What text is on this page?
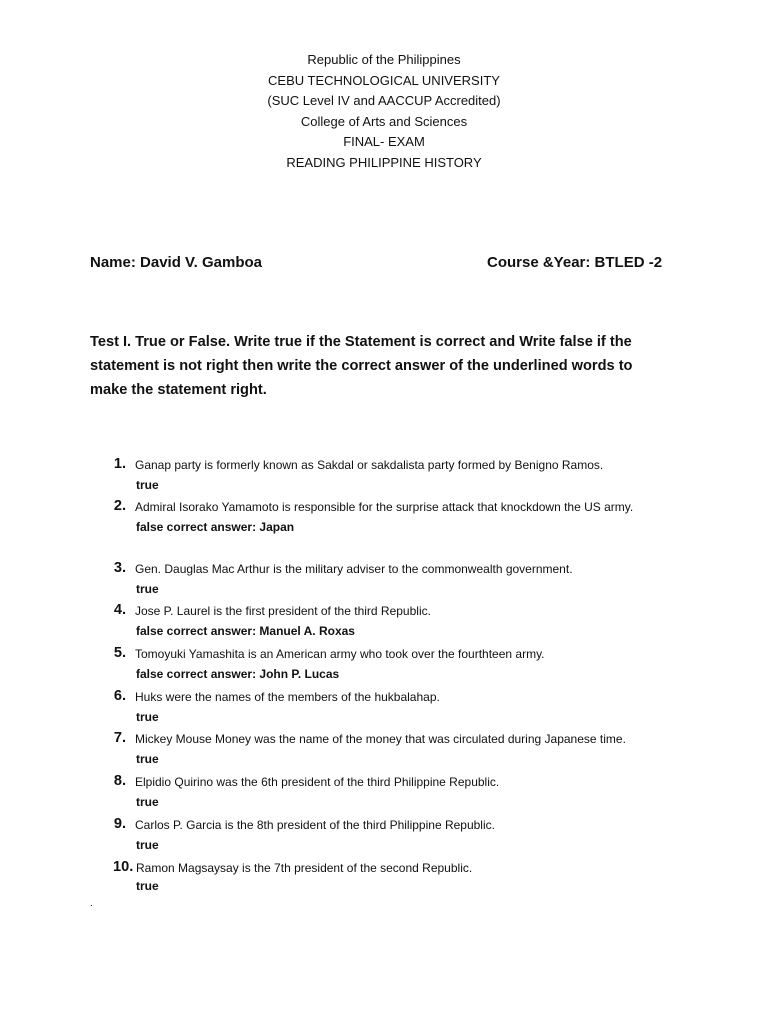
Republic of the Philippines
CEBU TECHNOLOGICAL UNIVERSITY
(SUC Level IV and AACCUP Accredited)
College of Arts and Sciences
FINAL- EXAM
READING PHILIPPINE HISTORY
Name: David V. Gamboa	Course &Year: BTLED -2
Test I. True or False. Write true if the Statement is correct and Write false if the
statement is not right then write the correct answer of the underlined words to
make the statement right.
1. Ganap party is formerly known as Sakdal or sakdalista party formed by Benigno Ramos.
true
2. Admiral Isorako Yamamoto is responsible for the surprise attack that knockdown the US army.
false correct answer: Japan
3. Gen. Dauglas Mac Arthur is the military adviser to the commonwealth government.
true
4. Jose P. Laurel is the first president of the third Republic.
false correct answer: Manuel A. Roxas
5. Tomoyuki Yamashita is an American army who took over the fourthteen army.
false correct answer: John P. Lucas
6. Huks were the names of the members of the hukbalahap.
true
7. Mickey Mouse Money was the name of the money that was circulated during Japanese time.
true
8. Elpidio Quirino was the 6th president of the third Philippine Republic.
true
9. Carlos P. Garcia is the 8th president of the third Philippine Republic.
true
10. Ramon Magsaysay is the 7th president of the second Republic.
true
.
